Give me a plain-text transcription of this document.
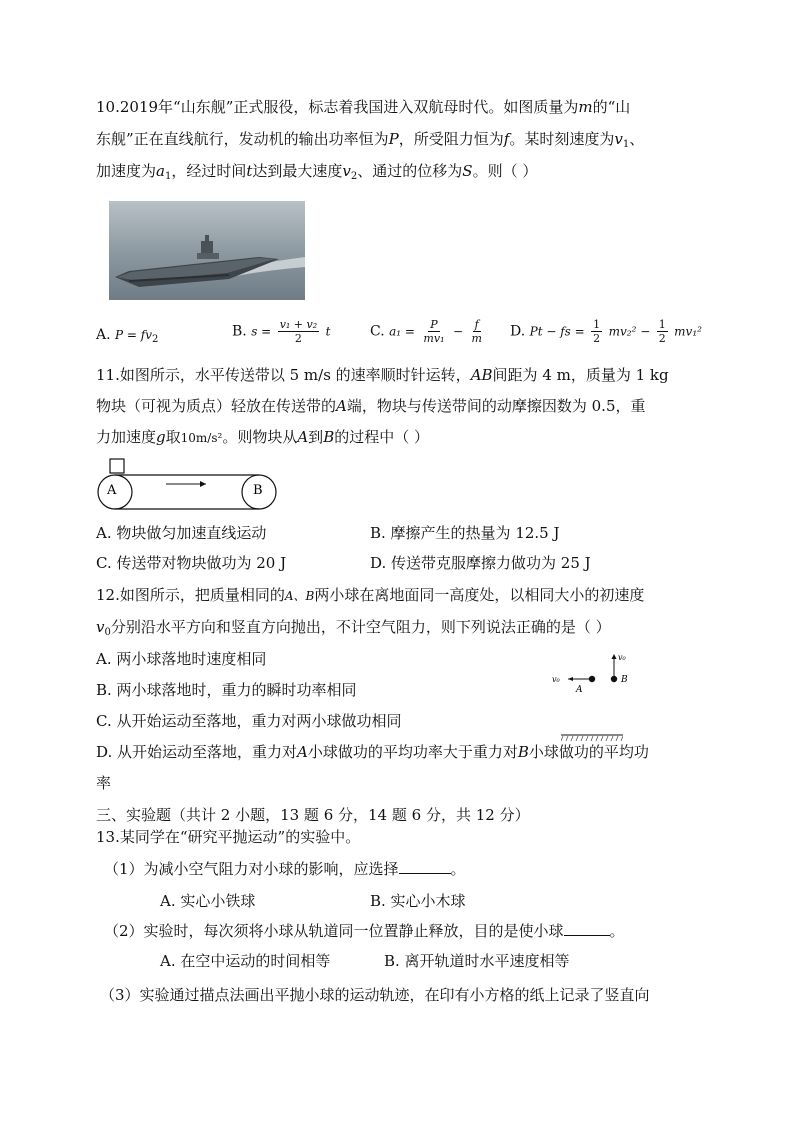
10.2019年“山东舰”正式服役，标志着我国进入双航母时代。如图质量为m的“山
东舰”正在直线航行，发动机的输出功率恒为P，所受阻力恒为f。某时刻速度为$v_1$、
加速度为$a_1$，经过时间t达到最大速度$v_2$、通过的位移为S。则（ ）
A. $P = fv_2$	B. $s = \frac{\text{v₁ + v₂}}{2}$ t	C. $a_1 = \frac{P}{\text{mv₁}} - \frac{f}{m} D$. Pt − fs = $\frac{1}{2} mv_2^2 - \frac{1}{2} mv_1^2$
11.如图所示，水平传送带以 5 m/s 的速率顺时针运转，AB间距为 4 m，质量为 1 kg
物块（可视为质点）轻放在传送带的A端，物块与传送带间的动摩擦因数为 0.5，重
力加速度g取10m/s²。则物块从A到B的过程中（ ）
A	B
A. 物块做匀加速直线运动	B. 摩擦产生的热量为 12.5 J
C. 传送带对物块做功为 20 J	D. 传送带克服摩擦力做功为 25 J
12.如图所示，把质量相同的A、B两小球在离地面同一高度处，以相同大小的初速度
$v_0$分别沿水平方向和竖直方向抛出，不计空气阻力，则下列说法正确的是（ ）
A. 两小球落地时速度相同
v₀
A
v₀
B
B. 两小球落地时，重力的瞬时功率相同
C. 从开始运动至落地，重力对两小球做功相同
D. 从开始运动至落地，重力对A小球做功的平均功率大于重力对B小球做功的平均功
率
三、实验题（共计 2 小题，13 题 6 分，14 题 6 分，共 12 分）
13.某同学在“研究平抛运动”的实验中。
（1）为减小空气阻力对小球的影响，应选择	。
A. 实心小铁球	B. 实心小木球
（2）实验时，每次须将小球从轨道同一位置静止释放，目的是使小球	。
A. 在空中运动的时间相等	B. 离开轨道时水平速度相等
（3）实验通过描点法画出平抛小球的运动轨迹，在印有小方格的纸上记录了竖直向
